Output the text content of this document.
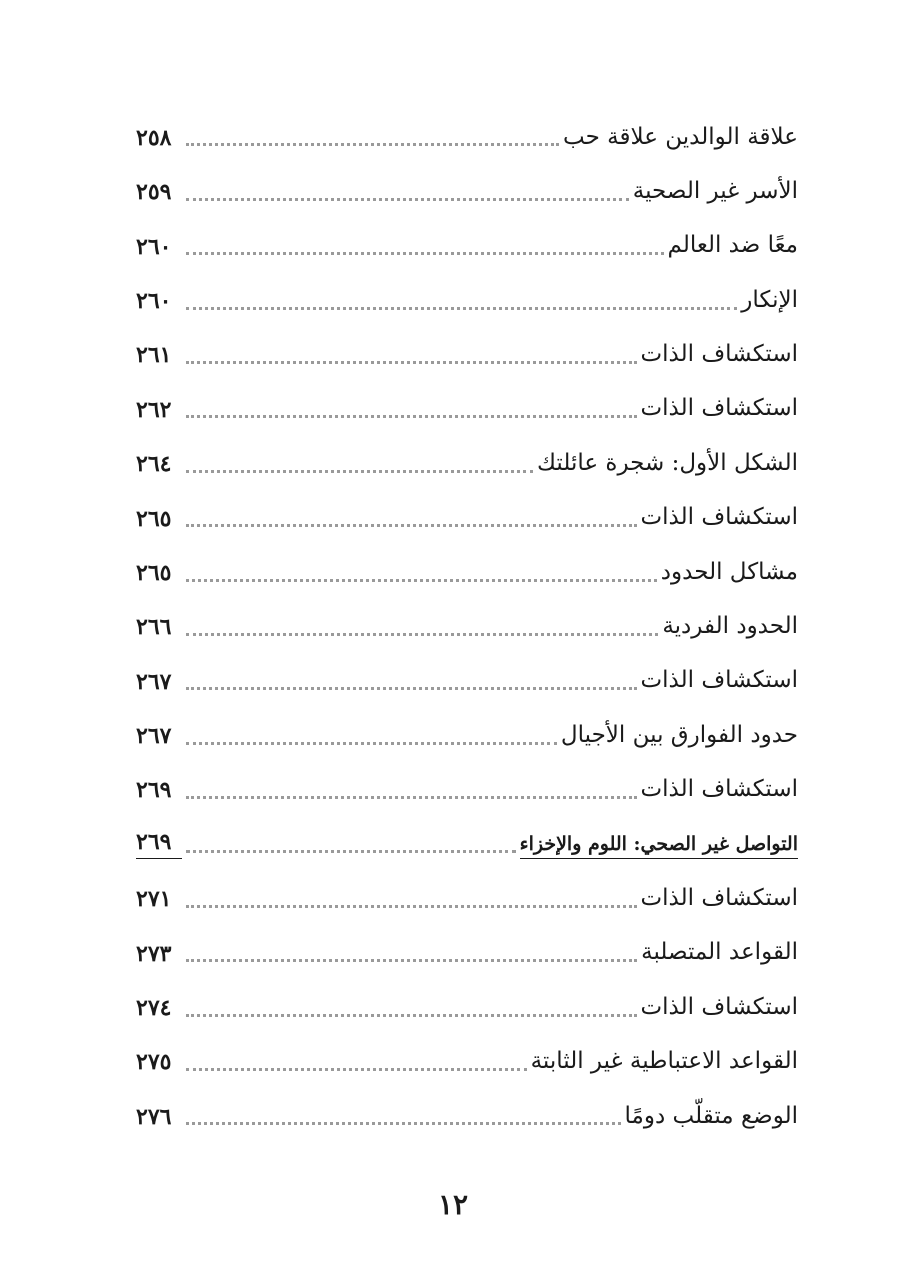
علاقة الوالدين علاقة حب
٢٥٨
الأسر غير الصحية
٢٥٩
معًا ضد العالم
٢٦٠
الإنكار
٢٦٠
استكشاف الذات
٢٦١
استكشاف الذات
٢٦٢
الشكل الأول: شجرة عائلتك
٢٦٤
استكشاف الذات
٢٦٥
مشاكل الحدود
٢٦٥
الحدود الفردية
٢٦٦
استكشاف الذات
٢٦٧
حدود الفوارق بين الأجيال
٢٦٧
استكشاف الذات
٢٦٩
التواصل غير الصحي: اللوم والإخزاء
٢٦٩
استكشاف الذات
٢٧١
القواعد المتصلبة
٢٧٣
استكشاف الذات
٢٧٤
القواعد الاعتباطية غير الثابتة
٢٧٥
الوضع متقلّب دومًا
٢٧٦
١٢
